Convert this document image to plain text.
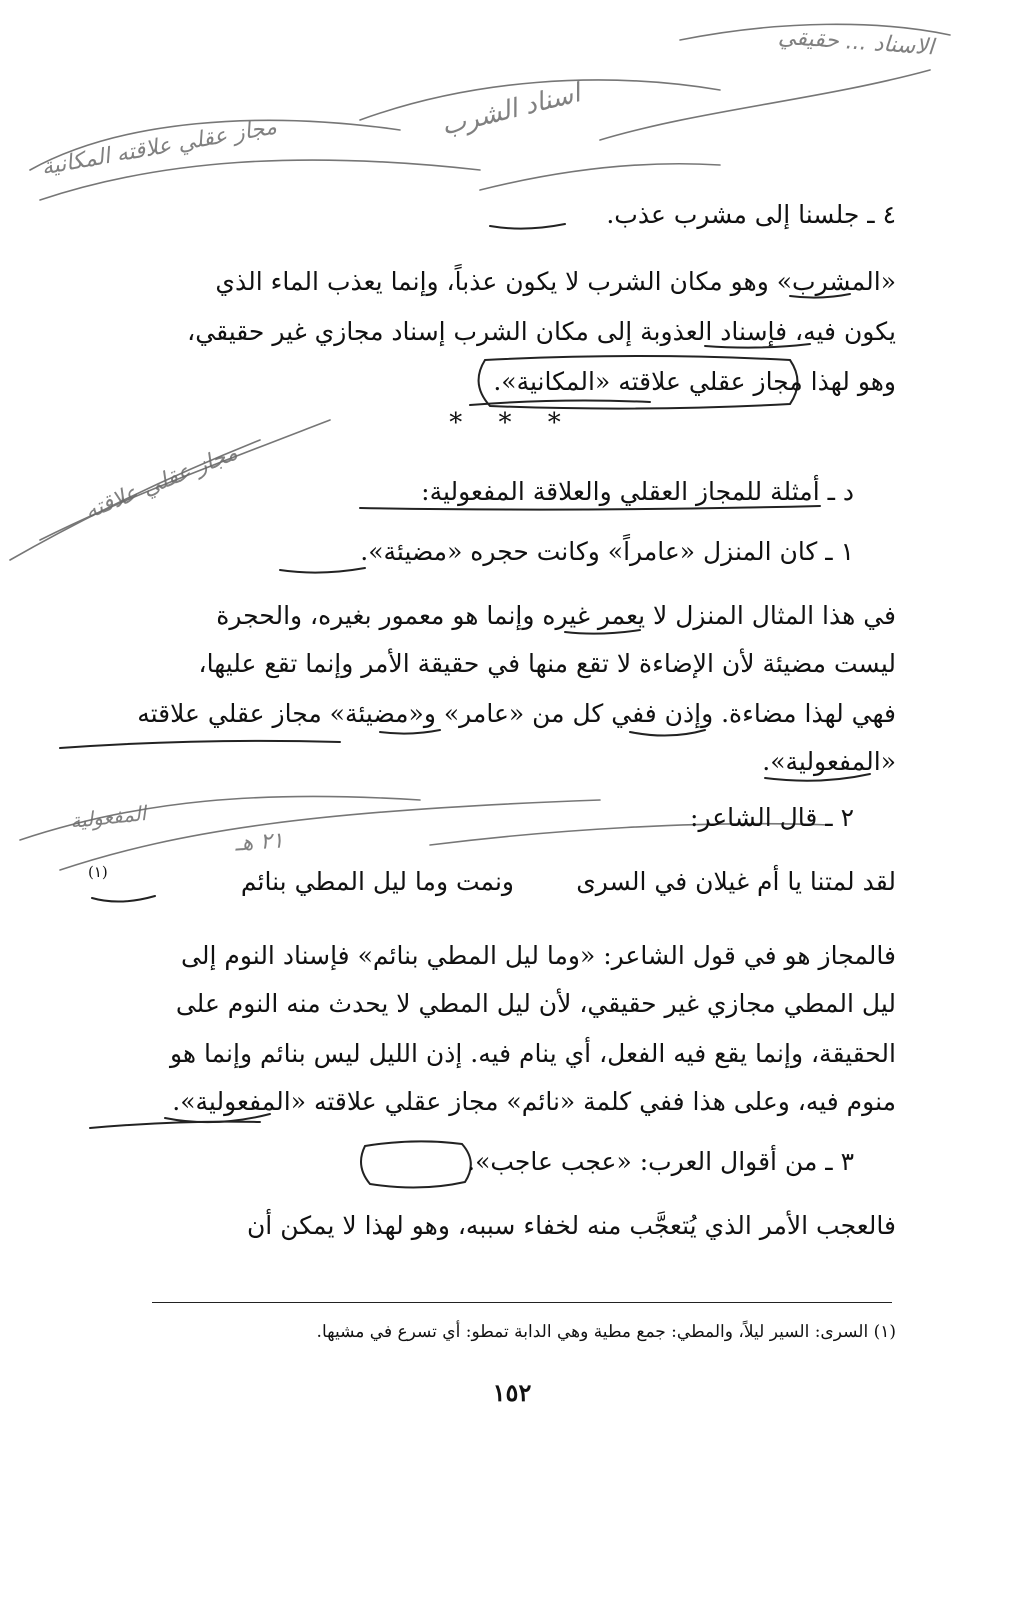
الاسناد ... حقيقي
اسناد الشرب
مجاز عقلي علاقته المكانية
مجاز عقلي علاقته
المفعولية
٢١ هـ
٤ ـ جلسنا إلى مشرب عذب.
«المشرب» وهو مكان الشرب لا يكون عذباً، وإنما يعذب الماء الذي
يكون فيه، فإسناد العذوبة إلى مكان الشرب إسناد مجازي غير حقيقي،
وهو لهذا مجاز عقلي علاقته «المكانية».
* * *
د ـ أمثلة للمجاز العقلي والعلاقة المفعولية:
١ ـ كان المنزل «عامراً» وكانت حجره «مضيئة».
في هذا المثال المنزل لا يعمر غيره وإنما هو معمور بغيره، والحجرة
ليست مضيئة لأن الإضاءة لا تقع منها في حقيقة الأمر وإنما تقع عليها،
فهي لهذا مضاءة. وإذن ففي كل من «عامر» و«مضيئة» مجاز عقلي علاقته
«المفعولية».
٢ ـ قال الشاعر:
لقد لمتنا يا أم غيلان في السرى
ونمت وما ليل المطي بنائم
(١)
فالمجاز هو في قول الشاعر: «وما ليل المطي بنائم» فإسناد النوم إلى
ليل المطي مجازي غير حقيقي، لأن ليل المطي لا يحدث منه النوم على
الحقيقة، وإنما يقع فيه الفعل، أي ينام فيه. إذن الليل ليس بنائم وإنما هو
منوم فيه، وعلى هذا ففي كلمة «نائم» مجاز عقلي علاقته «المفعولية».
٣ ـ من أقوال العرب: «عجب عاجب».
فالعجب الأمر الذي يُتعجَّب منه لخفاء سببه، وهو لهذا لا يمكن أن
(١) السرى: السير ليلاً، والمطي: جمع مطية وهي الدابة تمطو: أي تسرع في مشيها.
١٥٢
